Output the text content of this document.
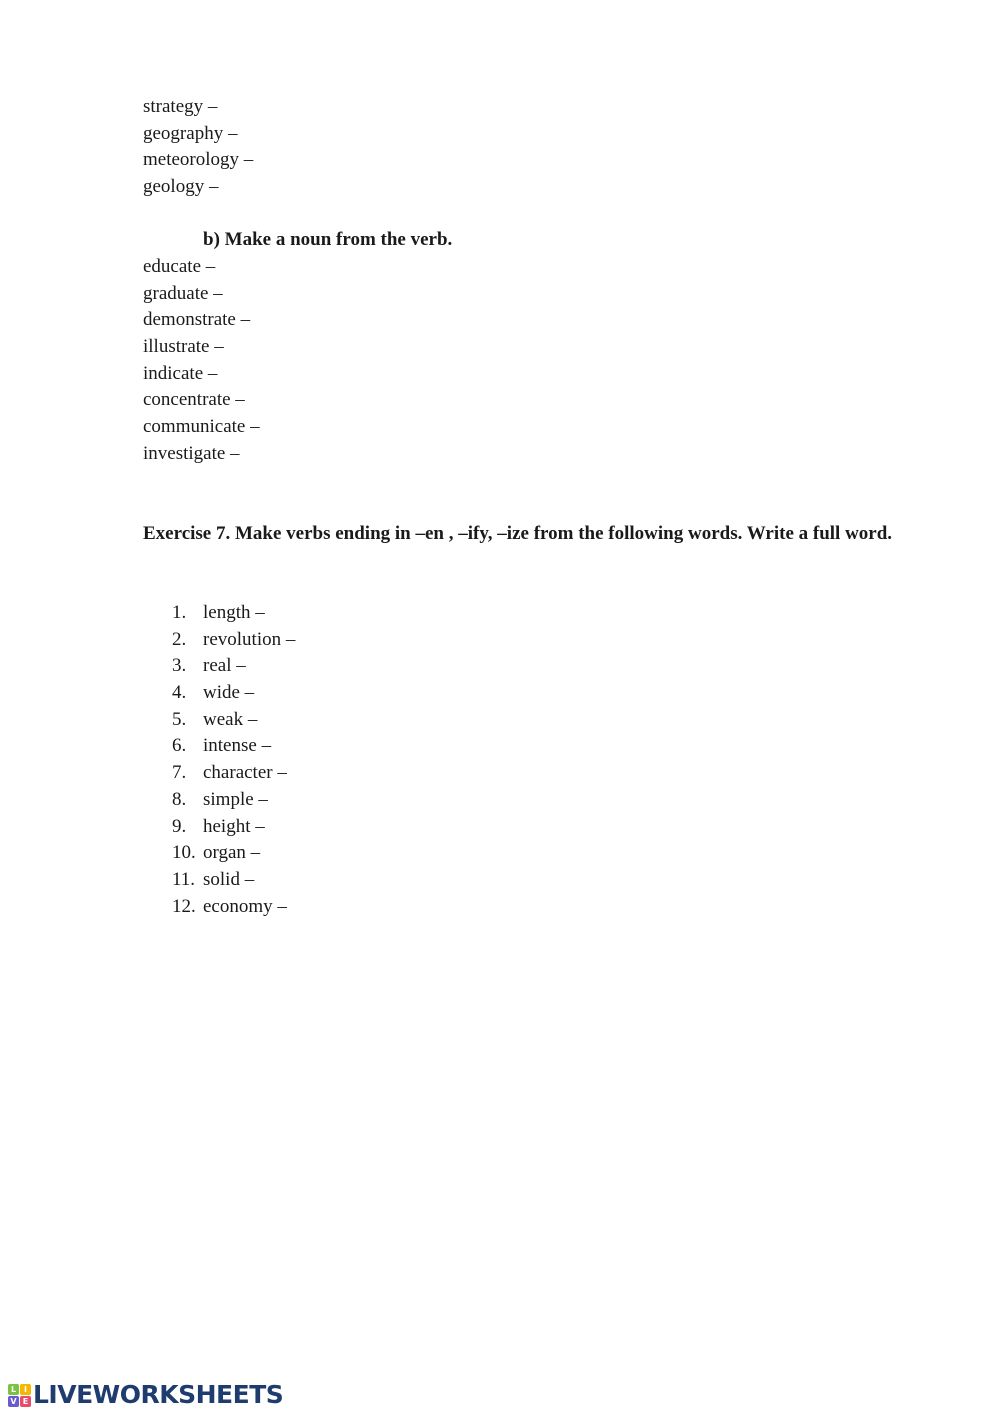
strategy –
geography –
meteorology –
geology –
b) Make a noun from the verb.
educate –
graduate –
demonstrate –
illustrate –
indicate –
concentrate –
communicate –
investigate –
Exercise 7. Make verbs ending in –en , –ify, –ize from the following words. Write a full word.
1. length –
2. revolution –
3. real –
4. wide –
5. weak –
6. intense –
7. character –
8. simple –
9. height –
10. organ –
11. solid –
12. economy –
L I
V E LIVEWORKSHEETS
